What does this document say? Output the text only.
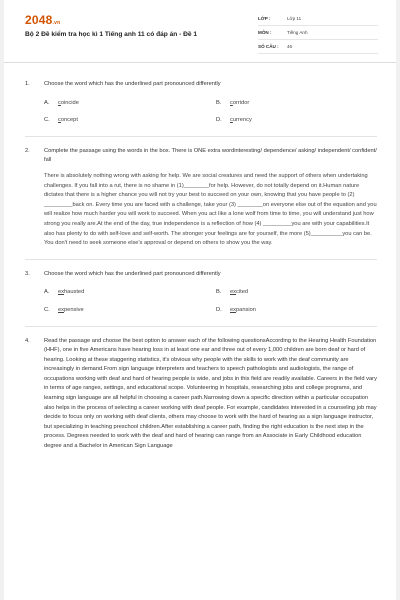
2048.vn
Bộ 2 Đề kiểm tra học kì 1 Tiếng anh 11 có đáp án - Đề 1
LỚP :	Lớp 11
MÔN :	Tiếng Anh
SỐ CÂU :	46
1.	Choose the word which has the underlined part pronounced differently
A.	coincide	B.	corridor
C.	concept	D.	currency
2.	Complete the passage using the words in the box. There is ONE extra wordinteresting/ dependence/ asking/ independent/ confident/ fall

There is absolutely nothing wrong with asking for help. We are social creatures and need the support of others when undertaking challenges. If you fall into a rut, there is no shame in (1)________for help. However, do not totally depend on it.Human nature dictates that there is a higher chance you will not try your best to succeed on your own, knowing that you have people to (2) _________back on. Every time you are faced with a challenge, take your (3) ________on everyone else out of the equation and you will realize how much harder you will work to succeed. When you act like a lone wolf from time to time, you will understand just how strong you really are.At the end of the day, true independence is a reflection of how (4) _________you are with your capabilities.It also has plenty to do with self-love and self-worth. The stronger your feelings are for yourself, the more (5)__________you can be. You don't need to seek someone else's approval or depend on others to show you the way.

3.	Choose the word which has the underlined part pronounced differently
A.	exhausted	B.	excited
C.	expensive	D.	expansion
4.	Read the passage and choose the best option to answer each of the following questionsAccording to the Hearing Health Foundation (HHF), one in five Americans have hearing loss in at least one ear and three out of every 1,000 children are born deaf or hard of hearing. Looking at these staggering statistics, it's obvious why people with the skills to work with the deaf community are increasingly in demand.From sign language interpreters and teachers to speech pathologists and audiologists, the range of occupations working with deaf and hard of hearing people is wide, and jobs in this field are readily available. Careers in the field vary in terms of age ranges, settings, and educational scope. Volunteering in hospitals, researching jobs and college programs, and learning sign language are all helpful in choosing a career path.Narrowing down a specific direction within a particular occupation also helps in the process of selecting a career working with deaf people. For example, candidates interested in a counseling job may decide to focus only on working with deaf clients, others may choose to work with the hard of hearing as a sign language instructor, but specializing in teaching preschool children.After establishing a career path, finding the right education is the next step in the process. Degrees needed to work with the deaf and hard of hearing can range from an Associate in Early Childhood education degree and a Bachelor in American Sign Language
